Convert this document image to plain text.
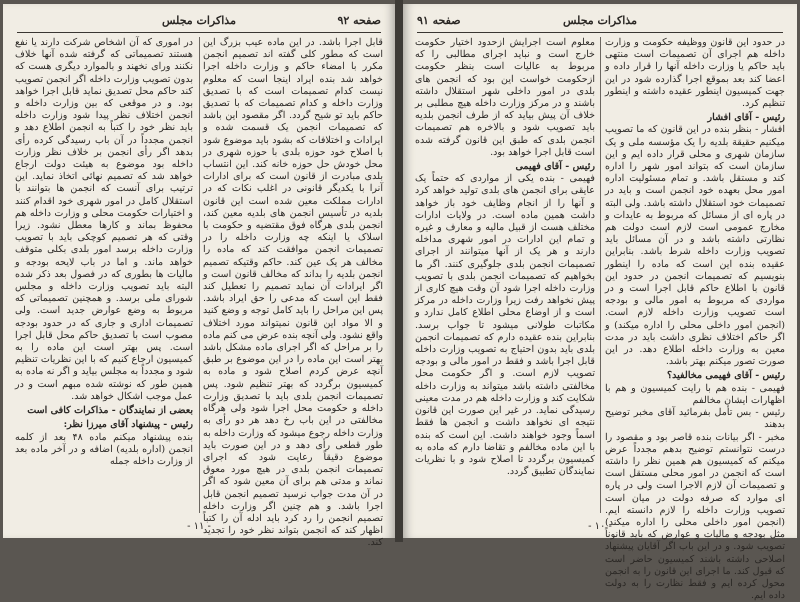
صفحه ۹۲
مذاکرات مجلس

قابل اجرا باشد. در این ماده عیب بزرگ این است که مطور کلی گفته اند تصمیم انجمن مکرر با امضاء حاکم و وزارت داخله اجرا خواهد شد بنده ایراد اینجا است که معلوم نیست کدام تصمیمات است که با تصدیق وزارت داخله و کدام تصمیمات که با تصدیق حاکم باید تو شیح گردد. اگر مقصود این باشد که تصمیمات انجمن یک قسمت شده و ایرادات و اختلافات که بشود باید موضوع شود با اصلاح خود حوزه بلدی با حوزه شهری در محل خودش حل حوزه خانه کند. این انتساب بلدی مبادرت از قانون است که برای ادارات آنرا با یکدیگر قانونی در اغلب نکات که در ادارات مملکت معین شده است این قانون بلدیه در تأسیس انجمن های بلدیه معین کند، انجمن بلدی هرگاه فوق مقتضیه و حکومت با اسلاک یا اینکه چه وزارت داخله را در تصمیمات انجمن موافقت کند که ماده را مخالف هر یک عین کند. حاکم وقتیکه تصمیم انجمن بلدیه را بداند که مخالف قانون است و اگر ایرادات آن نماید تصمیم را تعطیل کند فقط این است که مدعی را حق ایراد باشد. پس این مراحل را باید کامل توجه و وضع کنید و الا مواد این قانون نمیتواند مورد اختلاف واقع نشود. ولی آنچه بنده عرض می کنم ماده را بر مراحل که اگر اجرای ماده مشکل باشد بهتر است این ماده را در این موضوع بر طبق آنچه عرض کردم اصلاح شود و ماده به کمیسیون برگردد که بهتر تنظیم شود. پس تصمیمات انجمن بلدی باید با تصدیق وزارت داخله و حکومت محل اجرا شود ولی هرگاه مخالفتی در این باب رخ دهد هر دو رأی به وزارت داخله رجوع میشود که وزارت داخله به طور قطعی رأی دهد و در این صورت باید موضوع دقیقاً رعایت شود که اجرای تصمیمات انجمن بلدی در هیچ مورد معوق نماند و مدتی هم برای آن معین شود که اگر در آن مدت جواب نرسید تصمیم انجمن قابل اجرا باشد. و هم چنین اگر وزارت داخله تصمیم انجمن را رد کرد باید ادله آن را کتباً اظهار کند که انجمن بتواند نظر خود را تجدید کند.

در اموری که آن اشخاص شرکت دارند یا نفع هستند تصمیماتی که گرفته شده آنها خلاف نکنند ورای نخهند و بالموارد دیگری هست که بدون تصویب وزارت داخله اگر انجمن تصویب کند حاکم محل تصدیق نماید قابل اجرا خواهد بود. و در موقعی که بین وزارت داخله و انجمن اختلاف نظر پیدا شود وزارت داخله باید نظر خود را کتباً به انجمن اطلاع دهد و انجمن مجدداً در آن باب رسیدگی کرده رأی بدهد اگر رأی انجمن بر خلاف نظر وزارت داخله بود موضوع به هیئت دولت ارجاع خواهد شد که تصمیم نهائی اتخاذ نماید. این ترتیب برای آنست که انجمن ها بتوانند با استقلال کامل در امور شهری خود اقدام کنند و اختیارات حکومت محلی و وزارت داخله هم محفوظ بماند و کارها معطل نشود. زیرا وقتی که هر تصمیم کوچکی باید با تصویب وزارت داخله برسد امور بلدی بکلی متوقف خواهد ماند. و اما در باب لایحه بودجه و مالیات ها بطوری که در فصول بعد ذکر شده البته باید تصویب وزارت داخله و مجلس شورای ملی برسد. و همچنین تصمیماتی که مربوط به وضع عوارض جدید است. ولی تصمیمات اداری و جاری که در حدود بودجه مصوب است با تصدیق حاکم محل قابل اجرا است. پس بهتر است این ماده را به کمیسیون ارجاع کنیم که با این نظریات تنظیم شود و مجدداً به مجلس بیاید و اگر نه ماده به همین طور که نوشته شده مبهم است و در عمل موجب اشکال خواهد شد.

بعضی از نمایندگان - مذاکرات کافی است

رئیس - پیشنهاد آقای میرزا نظر:

بنده پیشنهاد میکنم ماده ۴۸ بعد از کلمه انجمن (اداره بلدیه) اضافه و در آخر ماده بعد از وزارت داخله جمله

- ۱۱ -
صفحه ۹۱	مذاکرات مجلس

در حدود این قانون ووظیفه حکومت و وزارت داخله هم اجرای آن تصمیمات است منتهی باید حاکم یا وزارت داخله آنها را قرار داده و اعضا کند بعد بموقع اجرا گذارده شود در این جهت کمیسیون اینطور عقیده داشته و اینطور تنظیم کرد.

رئیس - آقای افشار

افشار - بنظر بنده در این قانون که ما تصویب میکنیم حقیقة بلدیه را یک مؤسسه ملی و یک سازمان شهری و محلی قرار داده ایم و این سازمان است که بتواند امور شهر را اداره کند و مستقل باشد. و تمام مسئولیت اداره امور محل بعهده خود انجمن است و باید در تصمیمات خود استقلال داشته باشد. ولی البته در پاره ای از مسائل که مربوط به عایدات و مخارج عمومی است لازم است دولت هم نظارتی داشته باشد و در آن مسائل باید تصویب وزارت داخله شرط باشد. بنابراین عقیده بنده این است که ماده را اینطور بنویسیم که تصمیمات انجمن در حدود این قانون با اطلاع حاکم قابل اجرا است و در مواردی که مربوط به امور مالی و بودجه است تصویب وزارت داخله لازم است. (انجمن امور داخلی محلی را اداره میکند) و اگر حاکم اختلاف نظری داشت باید در مدت معین به وزارت داخله اطلاع دهد. در این صورت تصور میکنم بهتر باشد.

رئیس - آقای فهیمی مخالفید؟

فهیمی - بنده هم با رایت کمیسیون و هم با اظهارات ایشان مخالفم

رئیس - بس تأمل بفرمائید آقای مخبر توضیح بدهند

مخبر - اگر بیانات بنده قاصر بود و مقصود را درست نتوانستم توضیح بدهم مجدداً عرض میکنم که کمیسیون هم همین نظر را داشته است که انجمن در امور محلی مستقل است و تصمیمات آن لازم الاجرا است ولی در پاره ای موارد که صرفه دولت در میان است تصویب وزارت داخله را لازم دانسته ایم. (انجمن امور داخلی محلی را اداره میکند) مثل بودجه و مالیات و عوارض که باید قانوناً تصویب شود. و در این باب اگر آقایان پیشنهاد اصلاحی داشته باشند کمیسیون حاضر است که قبول کند. ما اجرای این قانون را به انجمن محول کرده ایم و فقط نظارت را به دولت داده ایم.

معلوم است اجرایش ازحدود اختیار حکومت خارج است و نباید اجرای مطالبی را که مربوط به عالیات است بنظر حکومت ازحکومت خواست این بود که انجمن های بلدی در امور داخلی شهر استقلال داشته باشند و در مرکز وزارت داخله هیچ مطلبی بر خلاف آن پیش بیاید که از طرف انجمن بلدیه باید تصویب شود و بالاخره هم تصمیمات انجمن بلدی که طبق این قانون گرفته شده است قابل اجرا خواهد بود.

رئیس - آقای فهیمی

فهیمی - بنده یکی از مواردی که حتماً یک عایقی برای انجمن های بلدی تولید خواهد کرد و آنها را از انجام وظایف خود باز خواهد داشت همین ماده است. در ولایات ادارات مختلف هست از قبیل مالیه و معارف و غیره و تمام این ادارات در امور شهری مداخله دارند و هر یک از آنها میتوانند از اجرای تصمیمات انجمن بلدی جلوگیری کنند. اگر ما بخواهیم که تصمیمات انجمن بلدی با تصویب وزارت داخله اجرا شود آن وقت هیچ کاری از پیش نخواهد رفت زیرا وزارت داخله در مرکز است و از اوضاع محلی اطلاع کامل ندارد و مکاتبات طولانی میشود تا جواب برسد. بنابراین بنده عقیده دارم که تصمیمات انجمن بلدی باید بدون احتیاج به تصویب وزارت داخله قابل اجرا باشد و فقط در امور مالی و بودجه تصویب لازم است. و اگر حکومت محل مخالفتی داشته باشد میتواند به وزارت داخله شکایت کند و وزارت داخله هم در مدت معینی رسیدگی نماید. در غیر این صورت این قانون نتیجه ای نخواهد داشت و انجمن ها فقط اسماً وجود خواهند داشت. این است که بنده با این ماده مخالفم و تقاضا دارم که ماده به کمیسیون برگردد تا اصلاح شود و با نظریات نمایندگان تطبیق گردد.

- ۱۰ -
